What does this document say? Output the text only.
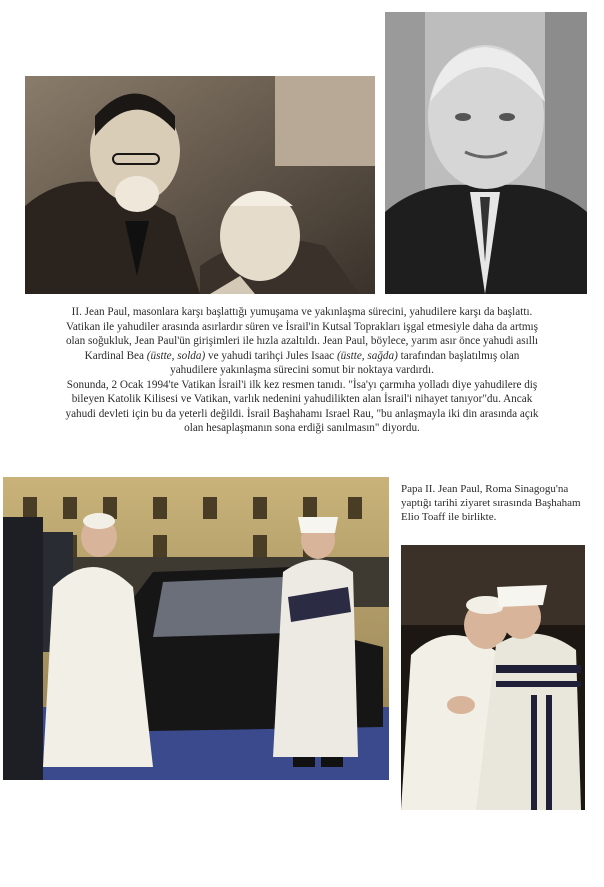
II. Jean Paul, masonlara karşı başlattığı yumuşama ve yakınlaşma sürecini, yahudilere karşı da başlattı. Vatikan ile yahudiler arasında asırlardır süren ve İsrail'in Kutsal Toprakları işgal etmesiyle daha da artmış olan soğukluk, Jean Paul'ün girişimleri ile hızla azaltıldı. Jean Paul, böylece, yarım asır önce yahudi asıllı Kardinal Bea (üstte, solda) ve yahudi tarihçi Jules Isaac (üstte, sağda) tarafından başlatılmış olan yahudilere yakınlaşma sürecini somut bir noktaya vardırdı.

Sonunda, 2 Ocak 1994'te Vatikan İsrail'i ilk kez resmen tanıdı. "İsa'yı çarmıha yolladı diye yahudilere diş bileyen Katolik Kilisesi ve Vatikan, varlık nedenini yahudilikten alan İsrail'i nihayet tanıyor"du. Ancak yahudi devleti için bu da yeterli değildi. İsrail Başhahamı Israel Rau, "bu anlaşmayla iki din arasında açık olan hesaplaşmanın sona erdiği sanılmasın" diyordu.

Papa II. Jean Paul, Roma Sinagogu'na yaptığı tarihi ziyaret sırasında Başhaham Elio Toaff ile birlikte.
